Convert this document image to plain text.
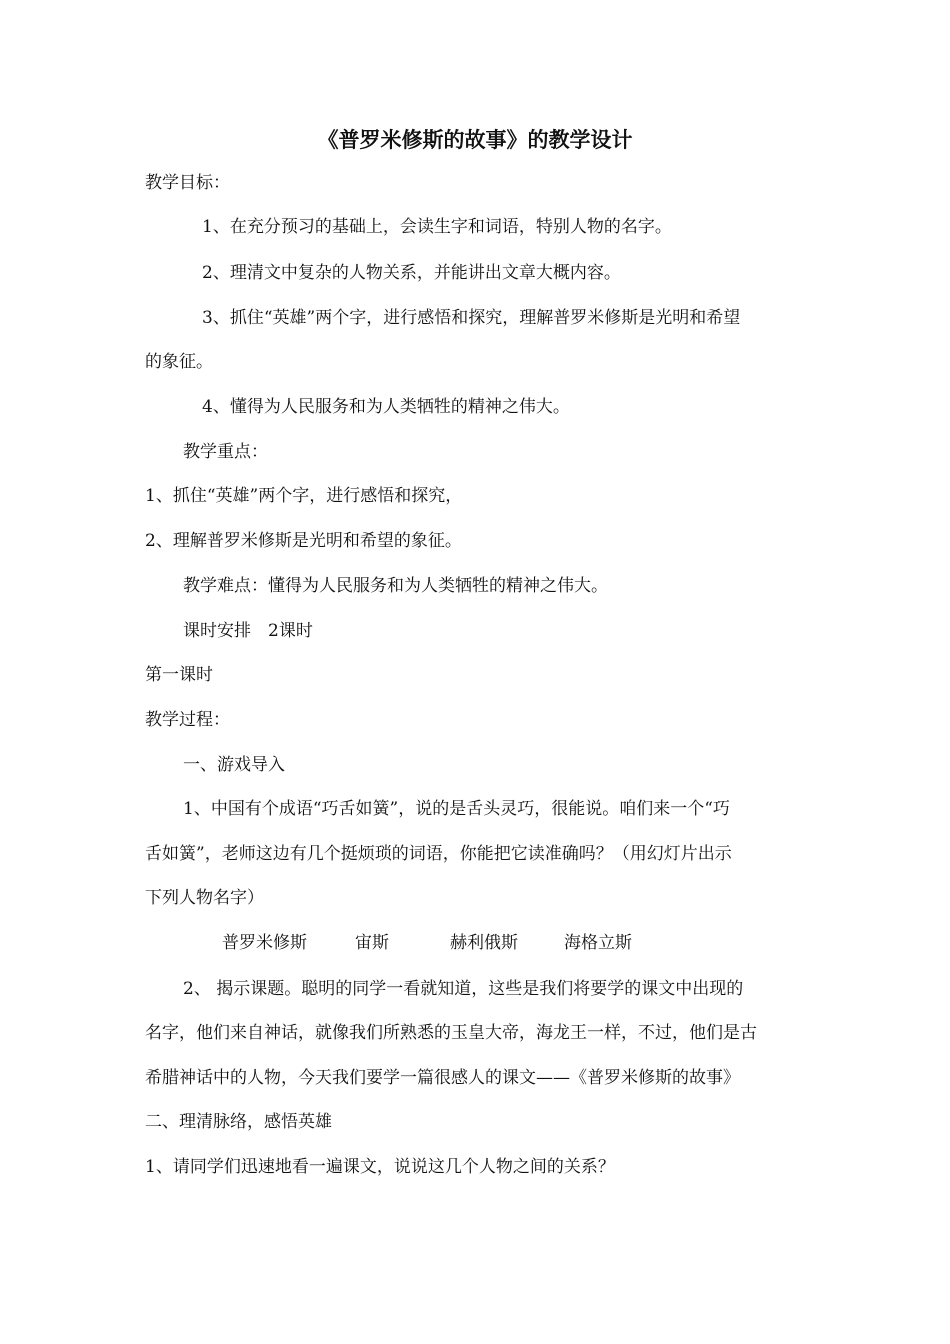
《普罗米修斯的故事》的教学设计
教学目标：
1、在充分预习的基础上，会读生字和词语，特别人物的名字。
2、理清文中复杂的人物关系，并能讲出文章大概内容。
3、抓住“英雄”两个字，进行感悟和探究，理解普罗米修斯是光明和希望
的象征。
4、懂得为人民服务和为人类牺牲的精神之伟大。
教学重点：
1、抓住“英雄”两个字，进行感悟和探究，
2、理解普罗米修斯是光明和希望的象征。
教学难点：懂得为人民服务和为人类牺牲的精神之伟大。
课时安排　2课时
第一课时
教学过程：
一、游戏导入
1、中国有个成语“巧舌如簧”，说的是舌头灵巧，很能说。咱们来一个“巧
舌如簧”，老师这边有几个挺烦琐的词语，你能把它读准确吗？（用幻灯片出示
下列人物名字）
普罗米修斯	宙斯	赫利俄斯	海格立斯
2、 揭示课题。聪明的同学一看就知道，这些是我们将要学的课文中出现的
名字，他们来自神话，就像我们所熟悉的玉皇大帝，海龙王一样，不过，他们是古
希腊神话中的人物，今天我们要学一篇很感人的课文——《普罗米修斯的故事》
二、理清脉络，感悟英雄
1、请同学们迅速地看一遍课文，说说这几个人物之间的关系？
